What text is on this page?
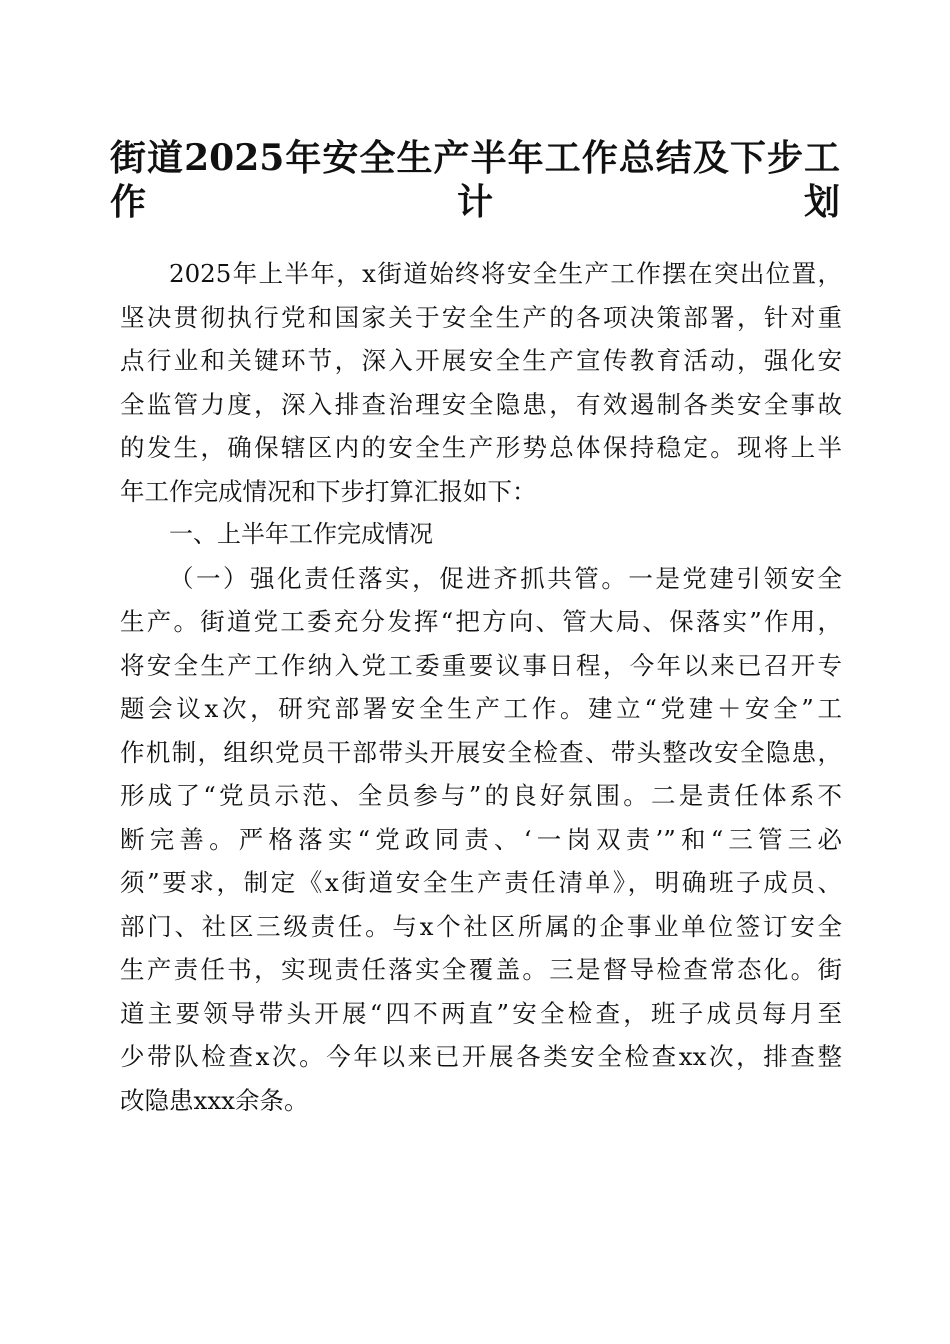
街道2025年安全生产半年工作总结及下步工
作计划
2025年上半年，x街道始终将安全生产工作摆在突出位置，
坚决贯彻执行党和国家关于安全生产的各项决策部署，针对重
点行业和关键环节，深入开展安全生产宣传教育活动，强化安
全监管力度，深入排查治理安全隐患，有效遏制各类安全事故
的发生，确保辖区内的安全生产形势总体保持稳定。现将上半
年工作完成情况和下步打算汇报如下：
一、上半年工作完成情况
（一）强化责任落实，促进齐抓共管。一是党建引领安全
生产。街道党工委充分发挥“把方向、管大局、保落实”作用，
将安全生产工作纳入党工委重要议事日程，今年以来已召开专
题会议x次，研究部署安全生产工作。建立“党建＋安全”工
作机制，组织党员干部带头开展安全检查、带头整改安全隐患，
形成了“党员示范、全员参与”的良好氛围。二是责任体系不
断完善。严格落实“党政同责、‘一岗双责’”和“三管三必
须”要求，制定《x街道安全生产责任清单》，明确班子成员、
部门、社区三级责任。与x个社区所属的企事业单位签订安全
生产责任书，实现责任落实全覆盖。三是督导检查常态化。街
道主要领导带头开展“四不两直”安全检查，班子成员每月至
少带队检查x次。今年以来已开展各类安全检查xx次，排查整
改隐患xxx余条。
